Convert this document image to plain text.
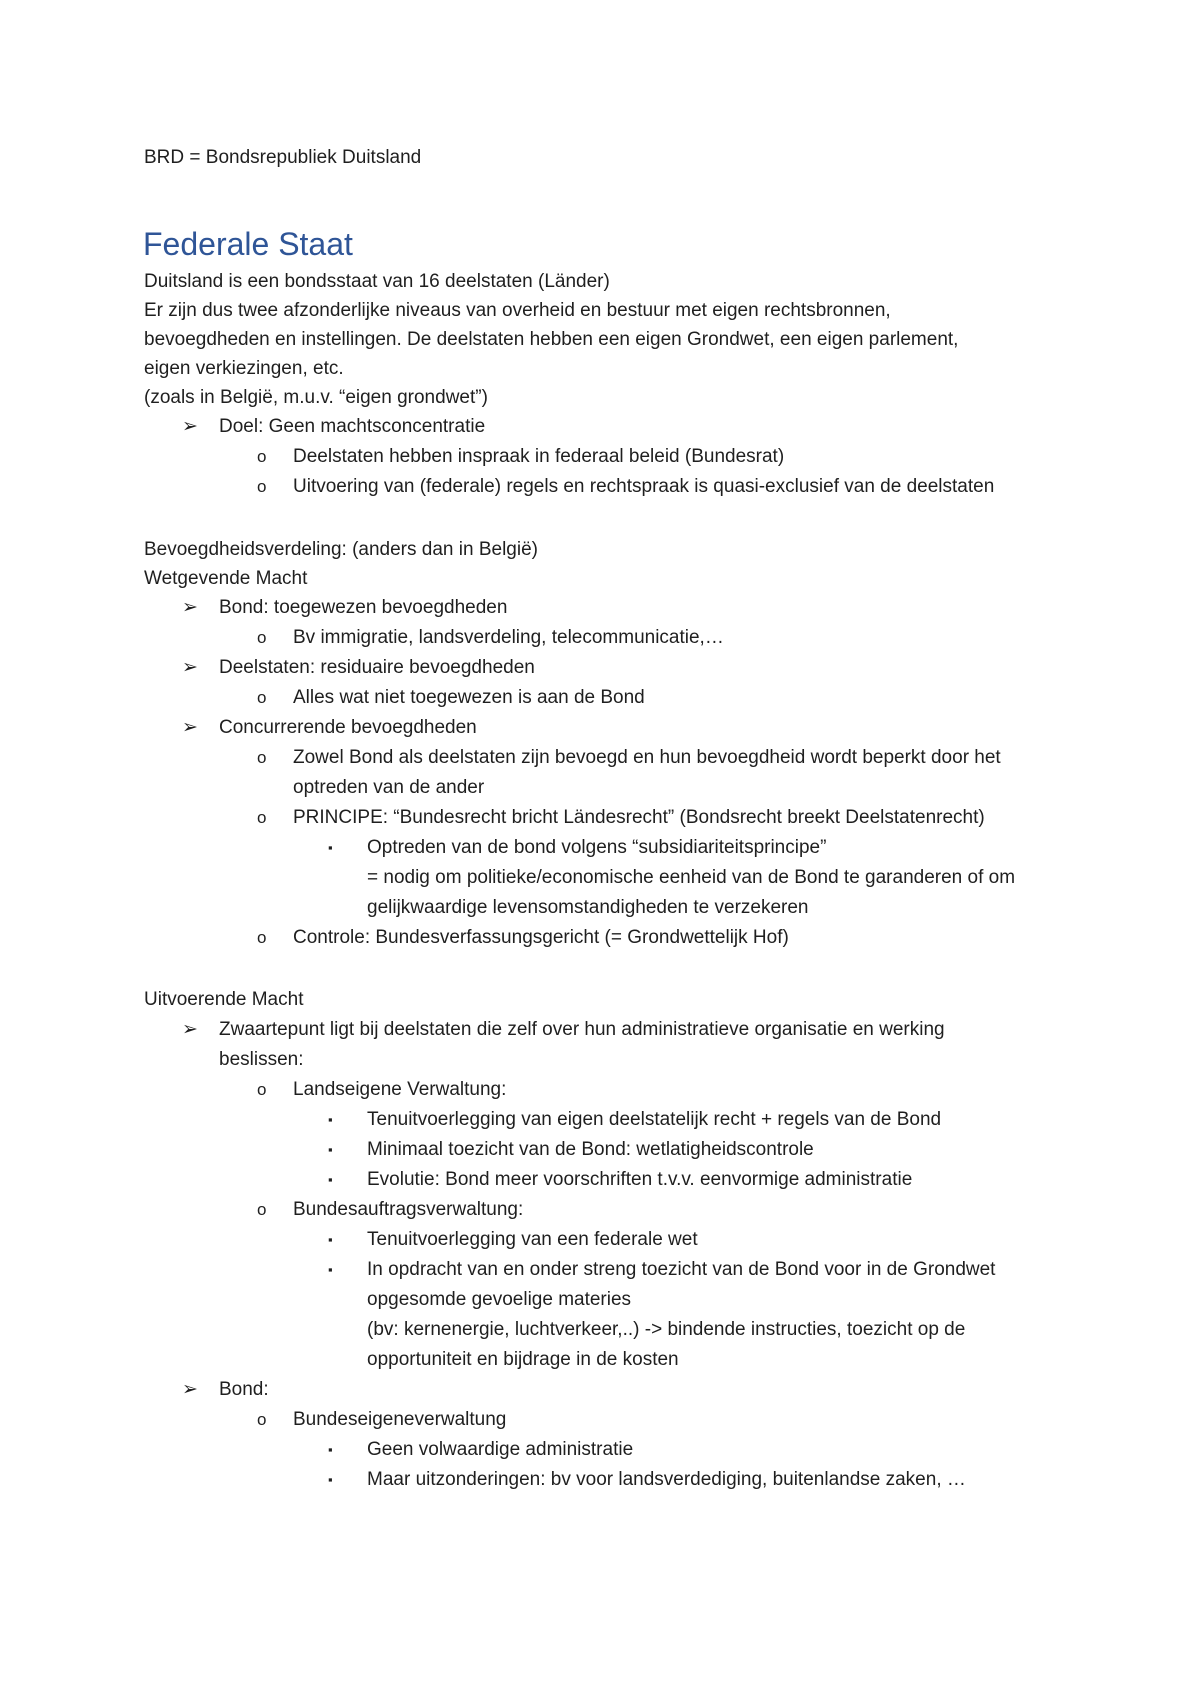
BRD = Bondsrepubliek Duitsland
Federale Staat
Duitsland is een bondsstaat van 16 deelstaten (Länder)
Er zijn dus twee afzonderlijke niveaus van overheid en bestuur met eigen rechtsbronnen,
bevoegdheden en instellingen. De deelstaten hebben een eigen Grondwet, een eigen parlement,
eigen verkiezingen, etc.
(zoals in België, m.u.v. “eigen grondwet”)
➢ Doel: Geen machtsconcentratie
o Deelstaten hebben inspraak in federaal beleid (Bundesrat)
o Uitvoering van (federale) regels en rechtspraak is quasi-exclusief van de deelstaten
Bevoegdheidsverdeling: (anders dan in België)
Wetgevende Macht
➢ Bond: toegewezen bevoegdheden
o Bv immigratie, landsverdeling, telecommunicatie,…
➢ Deelstaten: residuaire bevoegdheden
o Alles wat niet toegewezen is aan de Bond
➢ Concurrerende bevoegdheden
o Zowel Bond als deelstaten zijn bevoegd en hun bevoegdheid wordt beperkt door het
optreden van de ander
o PRINCIPE: “Bundesrecht bricht Ländesrecht” (Bondsrecht breekt Deelstatenrecht)
▪ Optreden van de bond volgens “subsidiariteitsprincipe”
= nodig om politieke/economische eenheid van de Bond te garanderen of om
gelijkwaardige levensomstandigheden te verzekeren
o Controle: Bundesverfassungsgericht (= Grondwettelijk Hof)
Uitvoerende Macht
➢ Zwaartepunt ligt bij deelstaten die zelf over hun administratieve organisatie en werking
beslissen:
o Landseigene Verwaltung:
▪ Tenuitvoerlegging van eigen deelstatelijk recht + regels van de Bond
▪ Minimaal toezicht van de Bond: wetlatigheidscontrole
▪ Evolutie: Bond meer voorschriften t.v.v. eenvormige administratie
o Bundesauftragsverwaltung:
▪ Tenuitvoerlegging van een federale wet
▪ In opdracht van en onder streng toezicht van de Bond voor in de Grondwet
opgesomde gevoelige materies
(bv: kernenergie, luchtverkeer,..) -> bindende instructies, toezicht op de
opportuniteit en bijdrage in de kosten
➢ Bond:
o Bundeseigeneverwaltung
▪ Geen volwaardige administratie
▪ Maar uitzonderingen: bv voor landsverdediging, buitenlandse zaken, …
